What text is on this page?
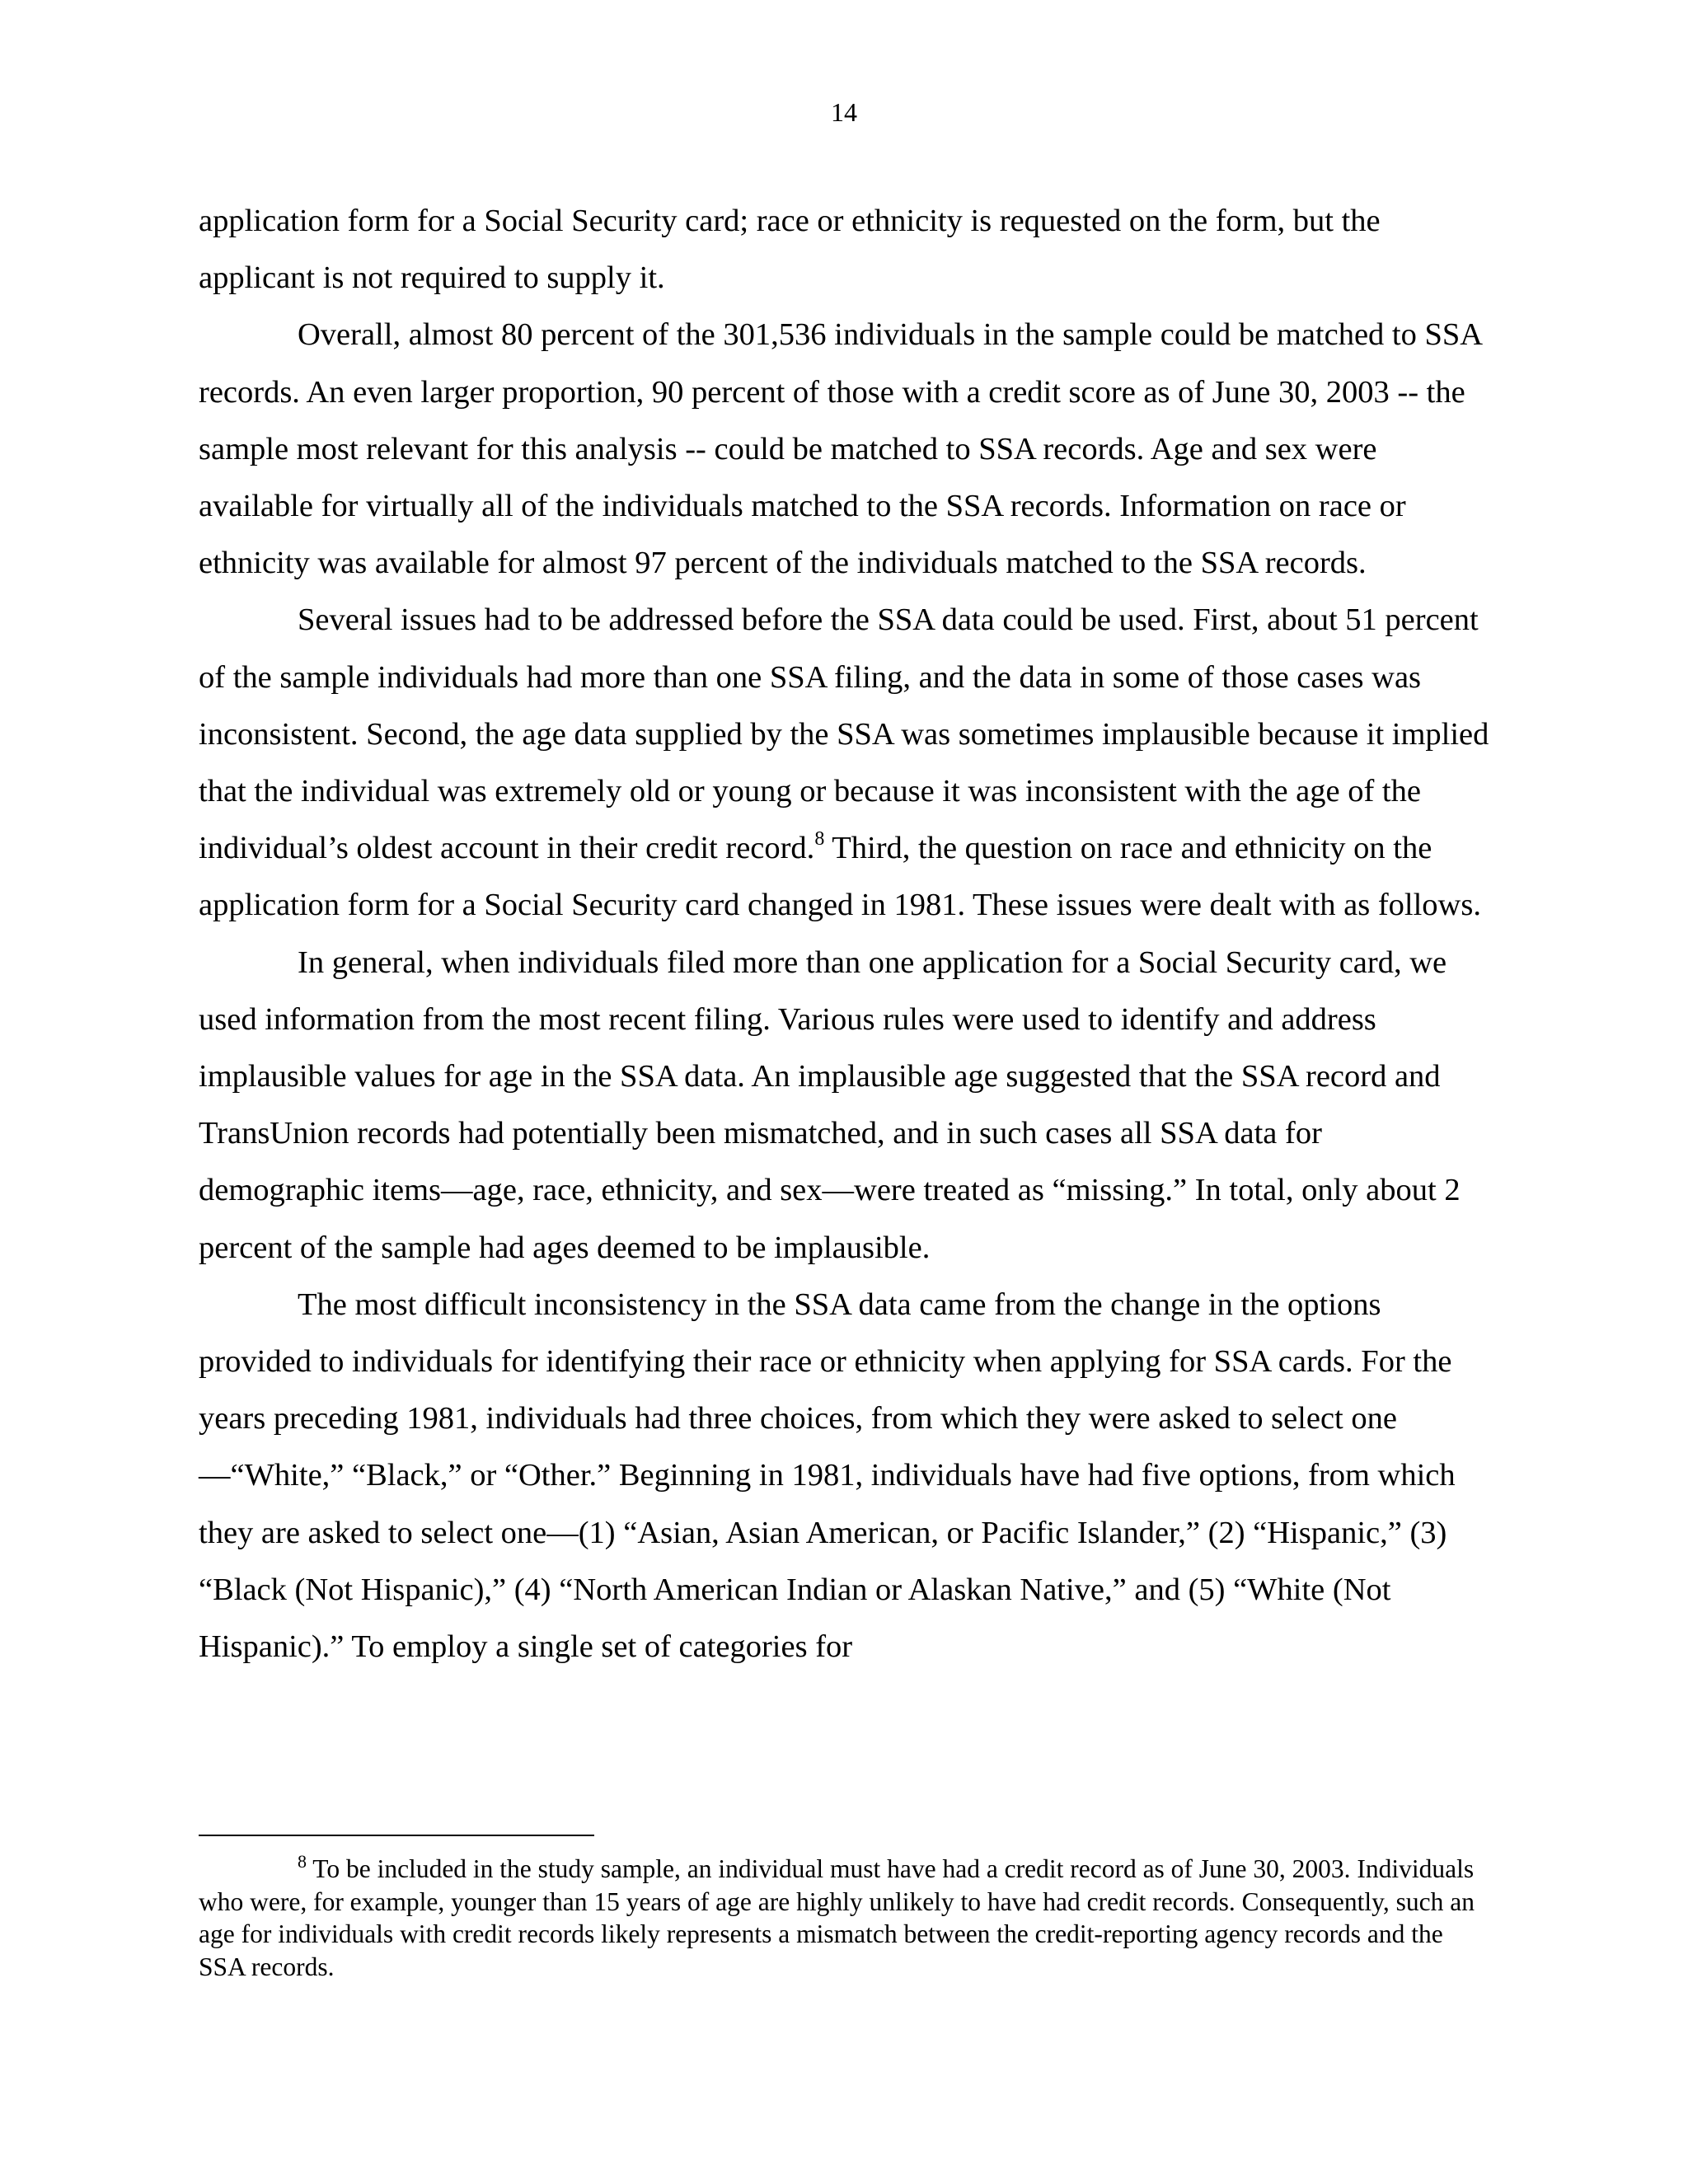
14

application form for a Social Security card; race or ethnicity is requested on the form, but the applicant is not required to supply it.

Overall, almost 80 percent of the 301,536 individuals in the sample could be matched to SSA records. An even larger proportion, 90 percent of those with a credit score as of June 30, 2003 -- the sample most relevant for this analysis -- could be matched to SSA records. Age and sex were available for virtually all of the individuals matched to the SSA records. Information on race or ethnicity was available for almost 97 percent of the individuals matched to the SSA records.

Several issues had to be addressed before the SSA data could be used. First, about 51 percent of the sample individuals had more than one SSA filing, and the data in some of those cases was inconsistent. Second, the age data supplied by the SSA was sometimes implausible because it implied that the individual was extremely old or young or because it was inconsistent with the age of the individual’s oldest account in their credit record.$^8$ Third, the question on race and ethnicity on the application form for a Social Security card changed in 1981. These issues were dealt with as follows.

In general, when individuals filed more than one application for a Social Security card, we used information from the most recent filing. Various rules were used to identify and address implausible values for age in the SSA data. An implausible age suggested that the SSA record and TransUnion records had potentially been mismatched, and in such cases all SSA data for demographic items—age, race, ethnicity, and sex—were treated as “missing.” In total, only about 2 percent of the sample had ages deemed to be implausible.

The most difficult inconsistency in the SSA data came from the change in the options provided to individuals for identifying their race or ethnicity when applying for SSA cards. For the years preceding 1981, individuals had three choices, from which they were asked to select one—“White,” “Black,” or “Other.” Beginning in 1981, individuals have had five options, from which they are asked to select one—(1) “Asian, Asian American, or Pacific Islander,” (2) “Hispanic,” (3) “Black (Not Hispanic),” (4) “North American Indian or Alaskan Native,” and (5) “White (Not Hispanic).” To employ a single set of categories for

$^8$ To be included in the study sample, an individual must have had a credit record as of June 30, 2003. Individuals who were, for example, younger than 15 years of age are highly unlikely to have had credit records. Consequently, such an age for individuals with credit records likely represents a mismatch between the credit-reporting agency records and the SSA records.
